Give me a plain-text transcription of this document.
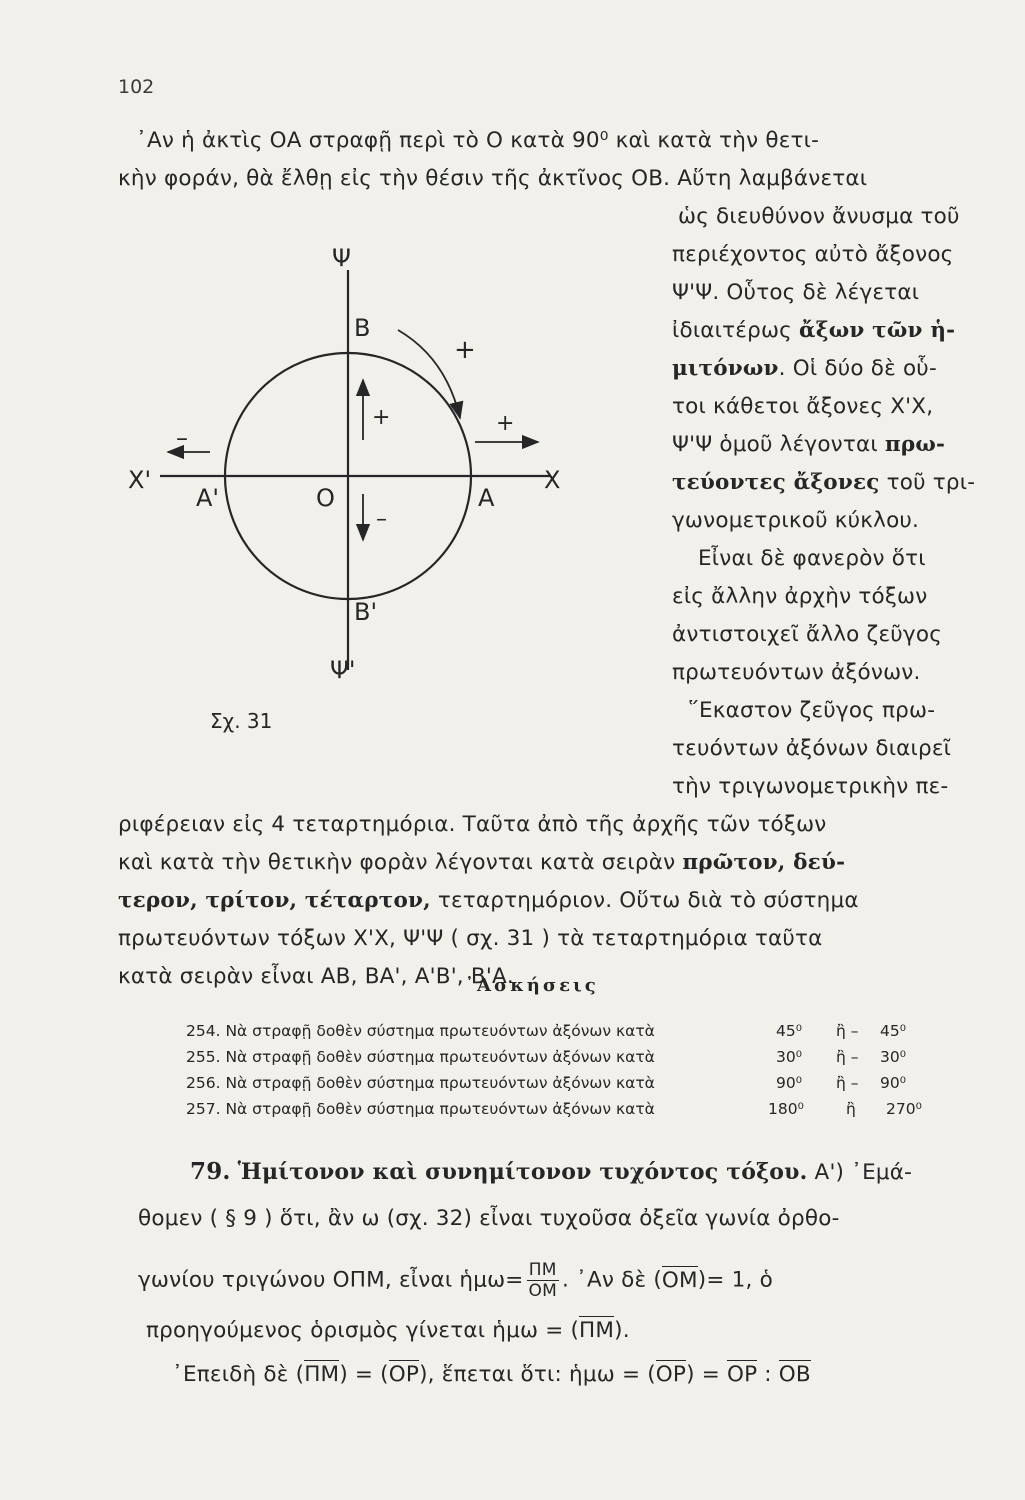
102
᾿Αν ἡ ἀκτὶς ΟΑ στραφῇ περὶ τὸ Ο κατὰ 90⁰ καὶ κατὰ τὴν θετι-
κὴν φοράν, θὰ ἔλθῃ εἰς τὴν θέσιν τῆς ἀκτῖνος ΟΒ. Αὕτη λαμβάνεται
ὡς διευθύνον ἄνυσμα τοῦ
περιέχοντος αὐτὸ ἄξονος
Ψ'Ψ. Οὗτος δὲ λέγεται
ἰδιαιτέρως ἄξων τῶν ἡ-
μιτόνων. Οἱ δύο δὲ οὗ-
τοι κάθετοι ἄξονες Χ'Χ,
Ψ'Ψ ὁμοῦ λέγονται πρω-
τεύοντες ἄξονες τοῦ τρι-
γωνομετρικοῦ κύκλου.
Εἶναι δὲ φανερὸν ὅτι
εἰς ἄλλην ἀρχὴν τόξων
ἀντιστοιχεῖ ἄλλο ζεῦγος
πρωτευόντων ἀξόνων.
῞Εκαστον ζεῦγος πρω-
τευόντων ἀξόνων διαιρεῖ
τὴν τριγωνομετρικὴν πε-
ριφέρειαν εἰς 4 τεταρτημόρια. Ταῦτα ἀπὸ τῆς ἀρχῆς τῶν τόξων
καὶ κατὰ τὴν θετικὴν φορὰν λέγονται κατὰ σειρὰν πρῶτον, δεύ-
τερον, τρίτον, τέταρτον, τεταρτημόριον. Οὕτω διὰ τὸ σύστημα
πρωτευόντων τόξων Χ'Χ, Ψ'Ψ ( σχ. 31 ) τὰ τεταρτημόρια ταῦτα
κατὰ σειρὰν εἶναι ΑΒ, ΒΑ', Α'Β', Β'Α.
᾿Ασκήσεις
254. Νὰ στραφῇ δοθὲν σύστημα πρωτευόντων ἀξόνων κατὰ	45⁰ ἢ – 45⁰
255. Νὰ στραφῇ δοθὲν σύστημα πρωτευόντων ἀξόνων κατὰ	30⁰ ἢ – 30⁰
256. Νὰ στραφῇ δοθὲν σύστημα πρωτευόντων ἀξόνων κατὰ	90⁰ ἢ – 90⁰
257. Νὰ στραφῇ δοθὲν σύστημα πρωτευόντων ἀξόνων κατὰ	180⁰	ἢ 270⁰
79. Ἡμίτονον καὶ συνημίτονον τυχόντος τόξου. Α') ᾿Εμά-
θομεν ( § 9 ) ὅτι, ἂν ω (σχ. 32) εἶναι τυχοῦσα ὀξεῖα γωνία ὀρθο-
γωνίου τριγώνου ΟΠΜ, εἶναι ἡμω= $\frac{\Pi M}{OM}$ . ᾿Αν δὲ (ΟΜ)= 1, ὁ
προηγούμενος ὁρισμὸς γίνεται ἡμω = (ΠΜ).
᾿Επειδὴ δὲ (ΠΜ) = (ΟΡ), ἕπεται ὅτι: ἡμω = (ΟΡ) = ΟΡ : ΟΒ
Ψ
Β
+
+	+
–
Χ'
Α'	Ο	Α
Χ
–
Β'
Ψ'
Σχ. 31
